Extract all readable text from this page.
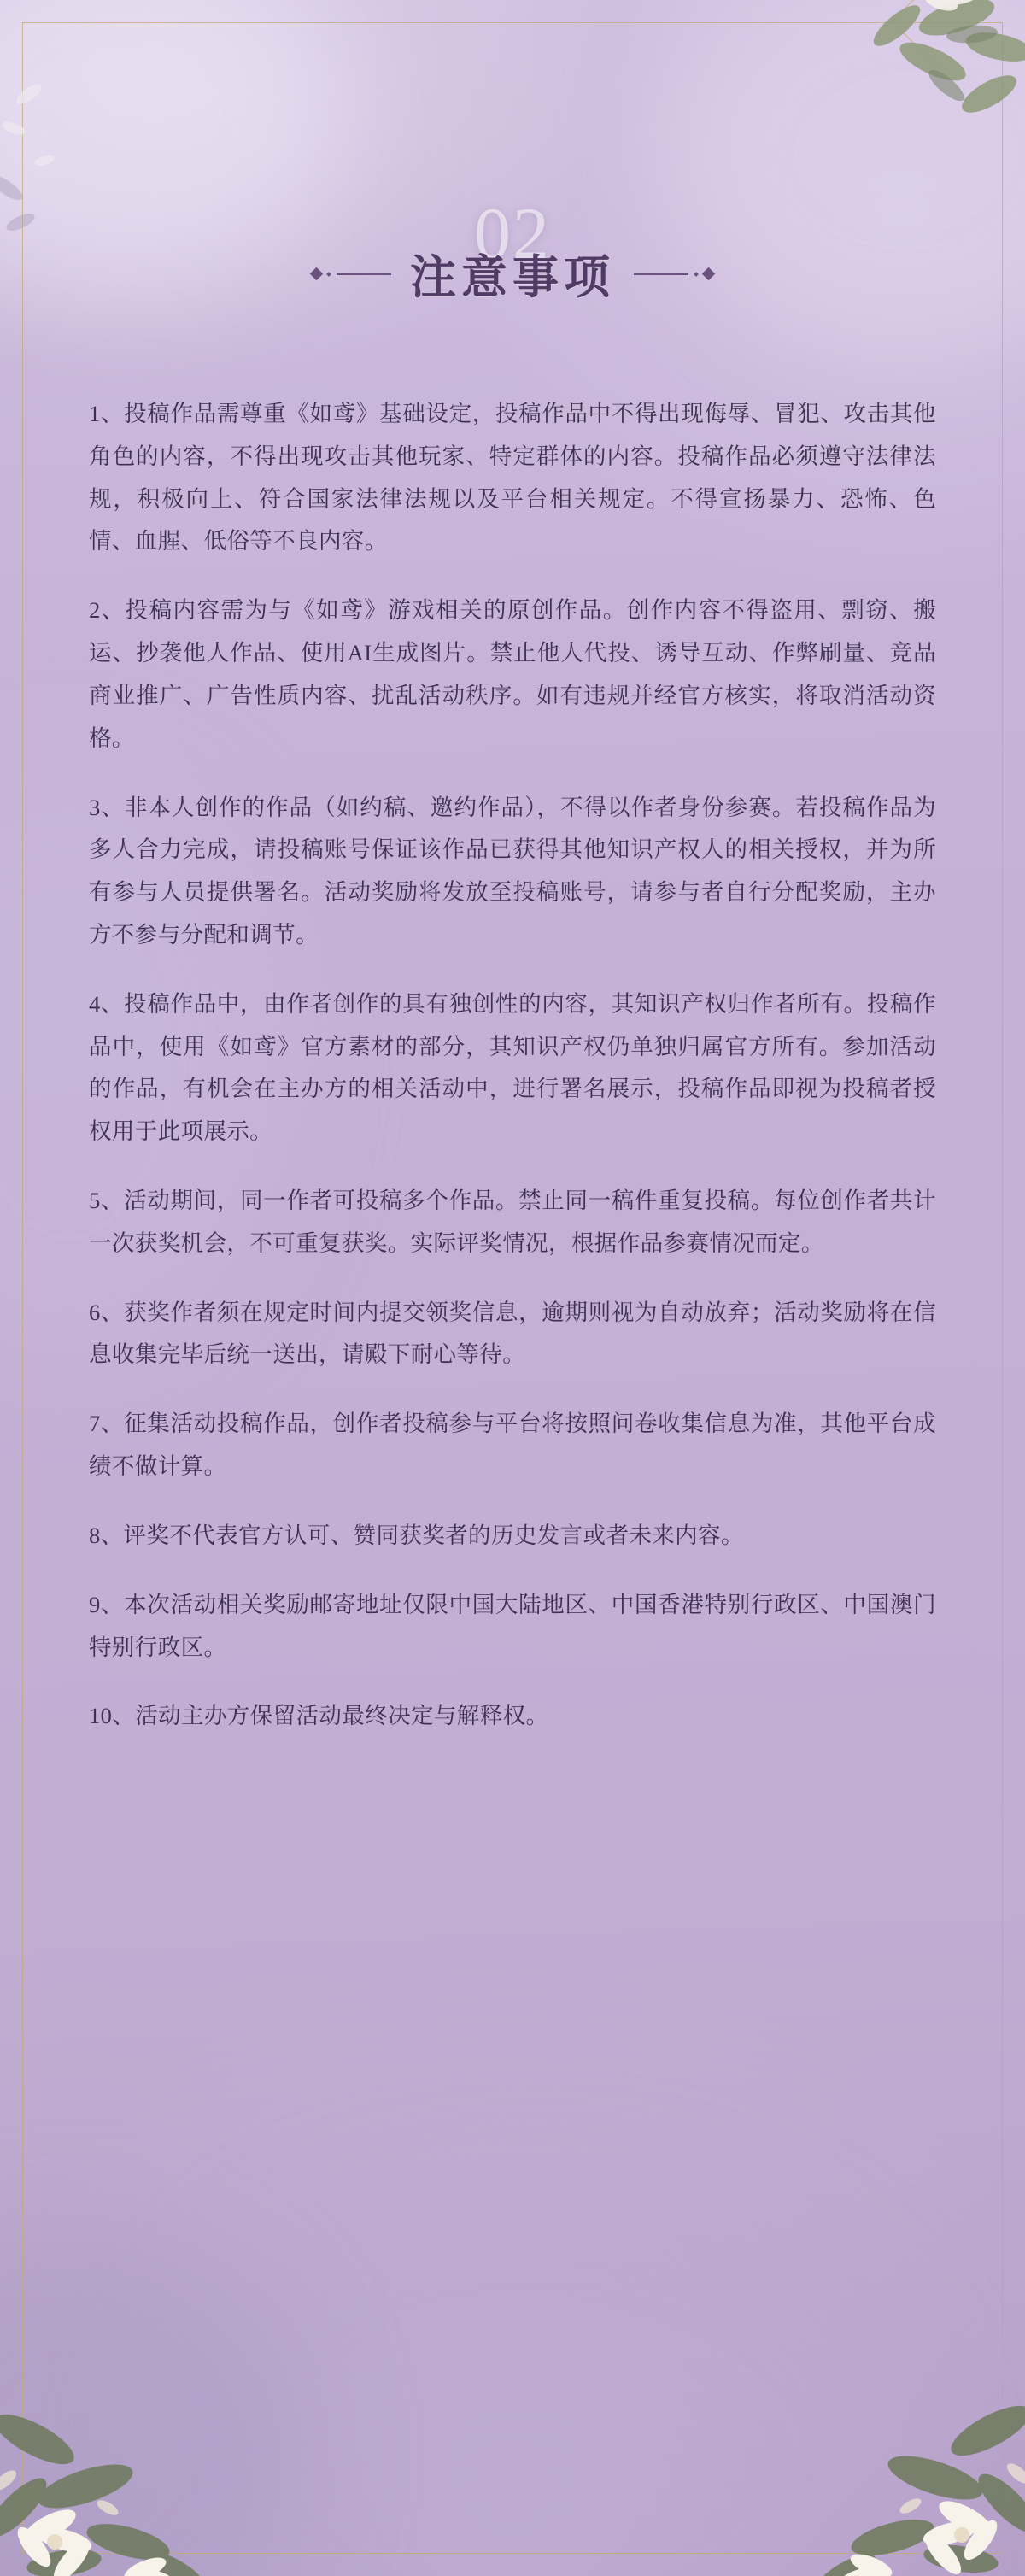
02
注意事项

1、投稿作品需尊重《如鸢》基础设定，投稿作品中不得出现侮辱、冒犯、攻击其他角色的内容，不得出现攻击其他玩家、特定群体的内容。投稿作品必须遵守法律法规，积极向上、符合国家法律法规以及平台相关规定。不得宣扬暴力、恐怖、色情、血腥、低俗等不良内容。

2、投稿内容需为与《如鸢》游戏相关的原创作品。创作内容不得盗用、剽窃、搬运、抄袭他人作品、使用AI生成图片。禁止他人代投、诱导互动、作弊刷量、竞品商业推广、广告性质内容、扰乱活动秩序。如有违规并经官方核实，将取消活动资格。

3、非本人创作的作品（如约稿、邀约作品），不得以作者身份参赛。若投稿作品为多人合力完成，请投稿账号保证该作品已获得其他知识产权人的相关授权，并为所有参与人员提供署名。活动奖励将发放至投稿账号，请参与者自行分配奖励，主办方不参与分配和调节。

4、投稿作品中，由作者创作的具有独创性的内容，其知识产权归作者所有。投稿作品中，使用《如鸢》官方素材的部分，其知识产权仍单独归属官方所有。参加活动的作品，有机会在主办方的相关活动中，进行署名展示，投稿作品即视为投稿者授权用于此项展示。

5、活动期间，同一作者可投稿多个作品。禁止同一稿件重复投稿。每位创作者共计一次获奖机会，不可重复获奖。实际评奖情况，根据作品参赛情况而定。

6、获奖作者须在规定时间内提交领奖信息，逾期则视为自动放弃；活动奖励将在信息收集完毕后统一送出，请殿下耐心等待。

7、征集活动投稿作品，创作者投稿参与平台将按照问卷收集信息为准，其他平台成绩不做计算。

8、评奖不代表官方认可、赞同获奖者的历史发言或者未来内容。

9、本次活动相关奖励邮寄地址仅限中国大陆地区、中国香港特别行政区、中国澳门特别行政区。

10、活动主办方保留活动最终决定与解释权。
